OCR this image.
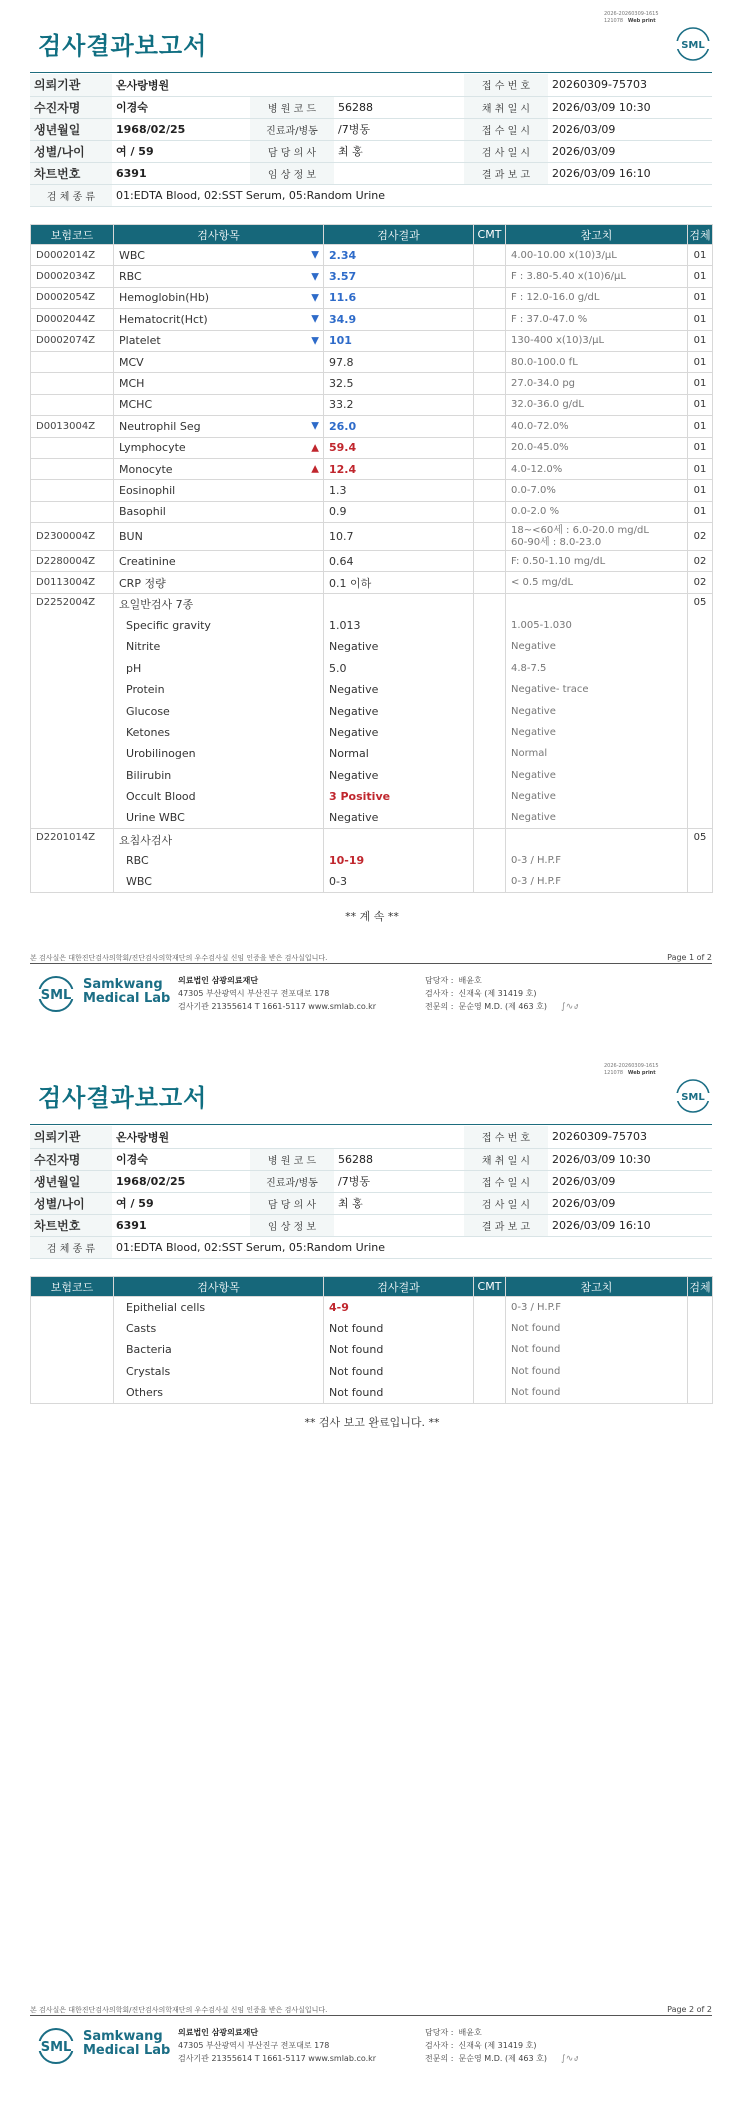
2026-20260309-1615
121078 Web print
검사결과보고서	SML
의뢰기관	온사랑병원			접 수 번 호	20260309-75703
수진자명	이경숙	병 원 코 드	56288	채 취 일 시	2026/03/09 10:30
생년월일	1968/02/25	진료과/병동	/7병동	접 수 일 시	2026/03/09
성별/나이	여 / 59	담 당 의 사	최 홍	검 사 일 시	2026/03/09
차트번호	6391	임 상 정 보		결 과 보 고	2026/03/09 16:10
검 체 종 류	01:EDTA Blood, 02:SST Serum, 05:Random Urine				
보험코드	검사항목	검사결과	CMT	참고치	검체
D0002014Z	WBC ▼	2.34		4.00-10.00 x(10)3/μL	01
D0002034Z	RBC ▼	3.57		F : 3.80-5.40 x(10)6/μL	01
D0002054Z	Hemoglobin(Hb) ▼	11.6		F : 12.0-16.0 g/dL	01
D0002044Z	Hematocrit(Hct) ▼	34.9		F : 37.0-47.0 %	01
D0002074Z	Platelet ▼	101		130-400 x(10)3/μL	01
	MCV	97.8		80.0-100.0 fL	01
	MCH	32.5		27.0-34.0 pg	01
	MCHC	33.2		32.0-36.0 g/dL	01
D0013004Z	Neutrophil Seg ▼	26.0		40.0-72.0%	01
	Lymphocyte ▲	59.4		20.0-45.0%	01
	Monocyte ▲	12.4		4.0-12.0%	01
	Eosinophil	1.3		0.0-7.0%	01
	Basophil	0.9		0.0-2.0 %	01
D2300004Z	BUN	10.7		18~<60세 : 6.0-20.0 mg/dL
60-90세 : 8.0-23.0	02
D2280004Z	Creatinine	0.64		F: 0.50-1.10 mg/dL	02
D0113004Z	CRP 정량	0.1 이하		< 0.5 mg/dL	02
D2252004Z	요일반검사 7종				05
	Specific gravity	1.013		1.005-1.030	
	Nitrite	Negative		Negative	
	pH	5.0		4.8-7.5	
	Protein	Negative		Negative- trace	
	Glucose	Negative		Negative	
	Ketones	Negative		Negative	
	Urobilinogen	Normal		Normal	
	Bilirubin	Negative		Negative	
	Occult Blood	3 Positive		Negative	
	Urine WBC	Negative		Negative	
D2201014Z	요침사검사				05
	RBC	10-19		0-3 / H.P.F	
	WBC	0-3		0-3 / H.P.F	
** 계 속 **
본 검사실은 대한진단검사의학회/진단검사의학재단의 우수검사실 신임 인증을 받은 검사실입니다.	Page 1 of 2
SML
Samkwang
Medical Lab
의료법인 삼광의료재단
47305 부산광역시 부산진구 전포대로 178
검사기관 21355614 T 1661-5117 www.smlab.co.kr
담당자 : 배윤호
검사자 : 신재욱 (제 31419 호)
전문의 : 문순영 M.D. (제 463 호) ∫∿ง
2026-20260309-1615
121078 Web print
검사결과보고서	SML
의뢰기관	온사랑병원			접 수 번 호	20260309-75703
수진자명	이경숙	병 원 코 드	56288	채 취 일 시	2026/03/09 10:30
생년월일	1968/02/25	진료과/병동	/7병동	접 수 일 시	2026/03/09
성별/나이	여 / 59	담 당 의 사	최 홍	검 사 일 시	2026/03/09
차트번호	6391	임 상 정 보		결 과 보 고	2026/03/09 16:10
검 체 종 류	01:EDTA Blood, 02:SST Serum, 05:Random Urine				
보험코드	검사항목	검사결과	CMT	참고치	검체
	Epithelial cells	4-9		0-3 / H.P.F	
	Casts	Not found		Not found	
	Bacteria	Not found		Not found	
	Crystals	Not found		Not found	
	Others	Not found		Not found	
** 검사 보고 완료입니다. **
본 검사실은 대한진단검사의학회/진단검사의학재단의 우수검사실 신임 인증을 받은 검사실입니다.	Page 2 of 2
SML
Samkwang
Medical Lab
의료법인 삼광의료재단
47305 부산광역시 부산진구 전포대로 178
검사기관 21355614 T 1661-5117 www.smlab.co.kr
담당자 : 배윤호
검사자 : 신재욱 (제 31419 호)
전문의 : 문순영 M.D. (제 463 호) ∫∿ง
